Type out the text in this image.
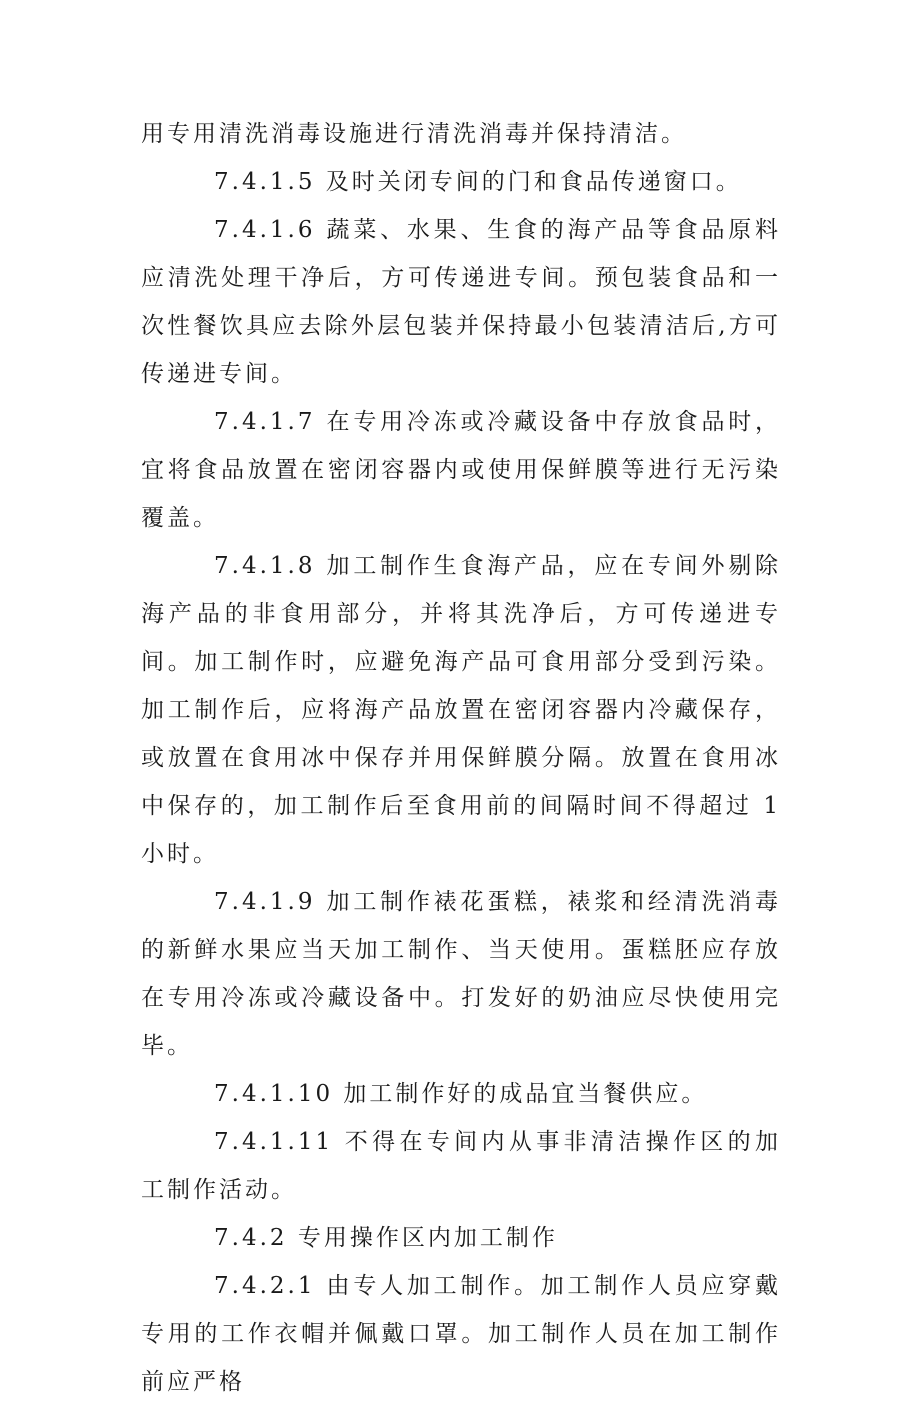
用专用清洗消毒设施进行清洗消毒并保持清洁。

7.4.1.5 及时关闭专间的门和食品传递窗口。

7.4.1.6 蔬菜、水果、生食的海产品等食品原料应清洗处理干净后，方可传递进专间。预包装食品和一次性餐饮具应去除外层包装并保持最小包装清洁后,方可传递进专间。

7.4.1.7 在专用冷冻或冷藏设备中存放食品时，宜将食品放置在密闭容器内或使用保鲜膜等进行无污染覆盖。

7.4.1.8 加工制作生食海产品，应在专间外剔除海产品的非食用部分，并将其洗净后，方可传递进专间。加工制作时，应避免海产品可食用部分受到污染。加工制作后，应将海产品放置在密闭容器内冷藏保存，或放置在食用冰中保存并用保鲜膜分隔。放置在食用冰中保存的，加工制作后至食用前的间隔时间不得超过 1 小时。

7.4.1.9 加工制作裱花蛋糕，裱浆和经清洗消毒的新鲜水果应当天加工制作、当天使用。蛋糕胚应存放在专用冷冻或冷藏设备中。打发好的奶油应尽快使用完毕。

7.4.1.10 加工制作好的成品宜当餐供应。

7.4.1.11 不得在专间内从事非清洁操作区的加工制作活动。

7.4.2 专用操作区内加工制作

7.4.2.1 由专人加工制作。加工制作人员应穿戴专用的工作衣帽并佩戴口罩。加工制作人员在加工制作前应严格
